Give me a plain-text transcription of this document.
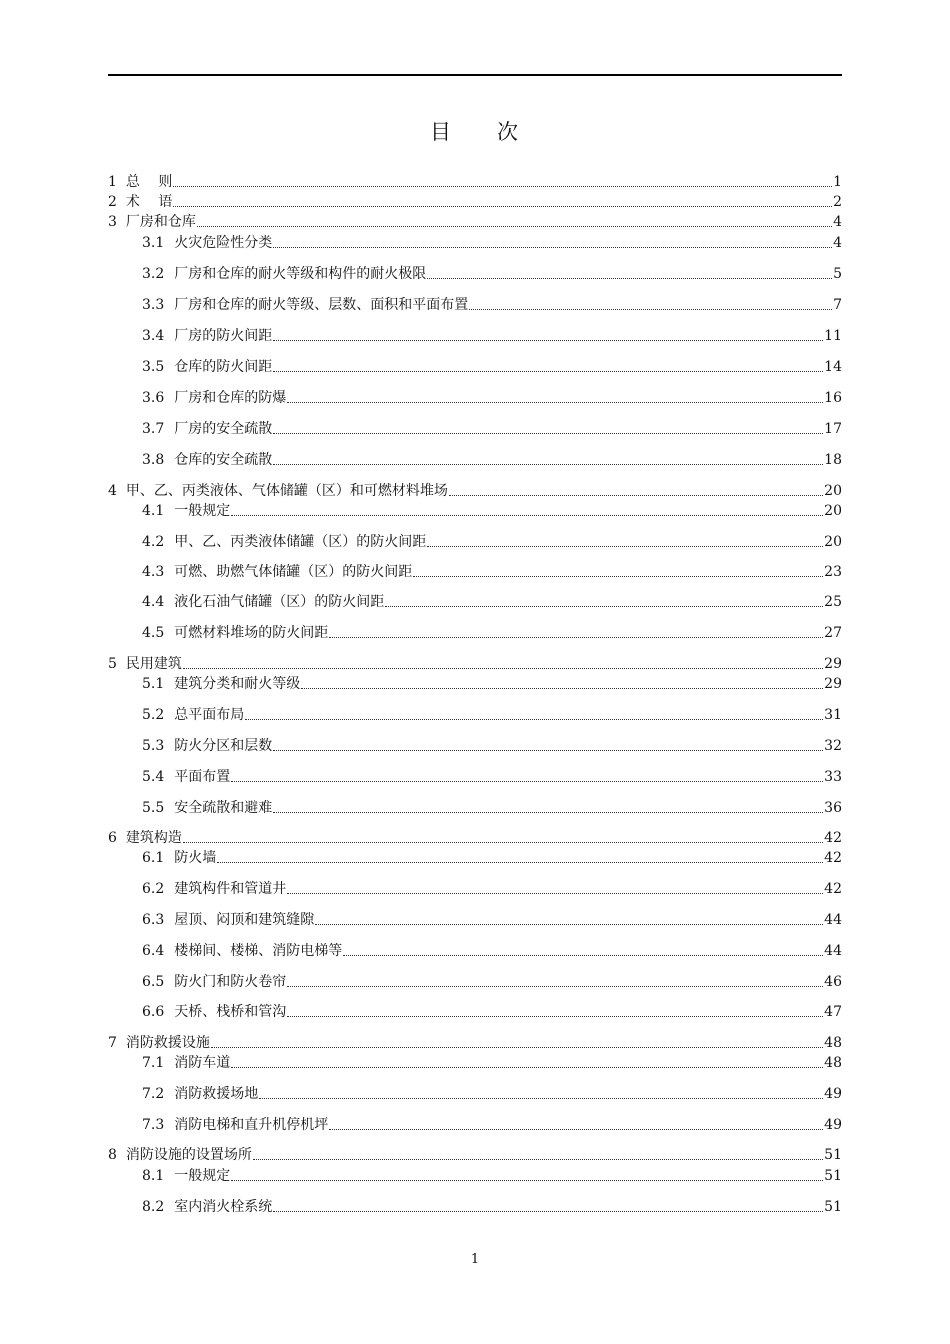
目 次
1 总　 则	1
2 术　 语	2
3 厂房和仓库	4
3.1 火灾危险性分类	4
3.2 厂房和仓库的耐火等级和构件的耐火极限	5
3.3 厂房和仓库的耐火等级、层数、面积和平面布置	7
3.4 厂房的防火间距	11
3.5 仓库的防火间距	14
3.6 厂房和仓库的防爆	16
3.7 厂房的安全疏散	17
3.8 仓库的安全疏散	18
4 甲、乙、丙类液体、气体储罐（区）和可燃材料堆场	20
4.1 一般规定	20
4.2 甲、乙、丙类液体储罐（区）的防火间距	20
4.3 可燃、助燃气体储罐（区）的防火间距	23
4.4 液化石油气储罐（区）的防火间距	25
4.5 可燃材料堆场的防火间距	27
5 民用建筑	29
5.1 建筑分类和耐火等级	29
5.2 总平面布局	31
5.3 防火分区和层数	32
5.4 平面布置	33
5.5 安全疏散和避难	36
6 建筑构造	42
6.1 防火墙	42
6.2 建筑构件和管道井	42
6.3 屋顶、闷顶和建筑缝隙	44
6.4 楼梯间、楼梯、消防电梯等	44
6.5 防火门和防火卷帘	46
6.6 天桥、栈桥和管沟	47
7 消防救援设施	48
7.1 消防车道	48
7.2 消防救援场地	49
7.3 消防电梯和直升机停机坪	49
8 消防设施的设置场所	51
8.1 一般规定	51
8.2 室内消火栓系统	51
1
